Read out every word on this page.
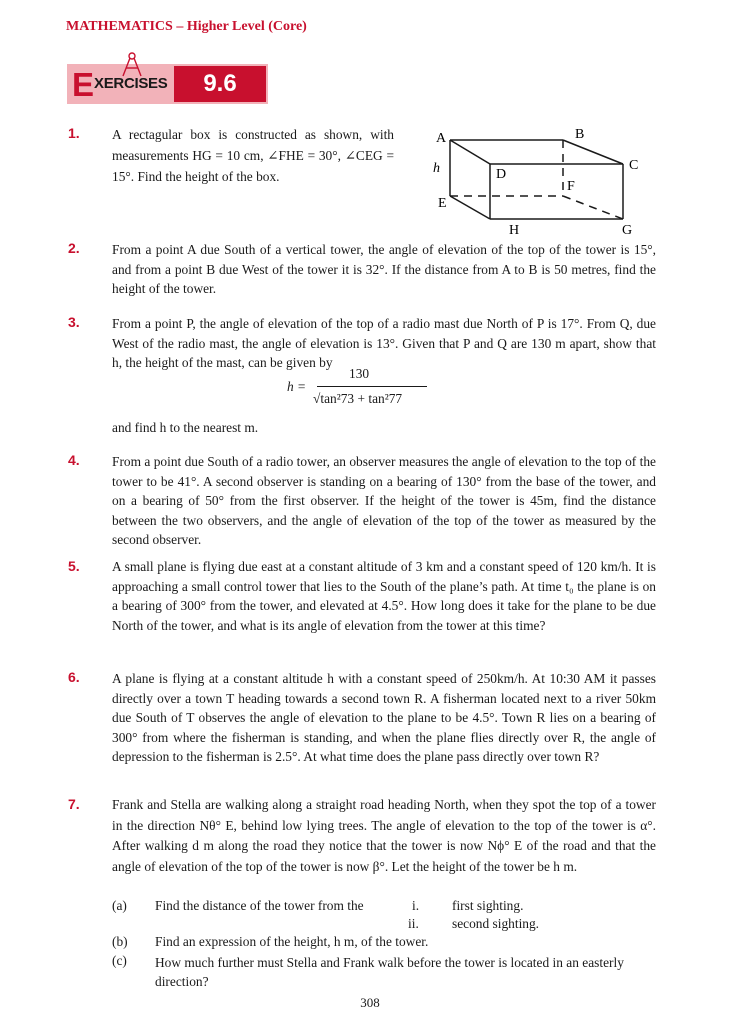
MATHEMATICS – Higher Level (Core)
E XERCISES	9.6
1. A rectagular box is constructed as shown, with measurements HG = 10 cm, ∠FHE = 30°, ∠CEG = 15°. Find the height of the box.

A	B
C
D
E
F
G
H
h
2. From a point A due South of a vertical tower, the angle of elevation of the top of the tower is 15°, and from a point B due West of the tower it is 32°. If the distance from A to B is 50 metres, find the height of the tower.

3. From a point P, the angle of elevation of the top of a radio mast due North of P is 17°. From Q, due West of the radio mast, the angle of elevation is 13°. Given that P and Q are 130 m apart, show that h, the height of the mast, can be given by

h =
130
√tan²73 + tan²77

and find h to the nearest m.

4. From a point due South of a radio tower, an observer measures the angle of elevation to the top of the tower to be 41°. A second observer is standing on a bearing of 130° from the base of the tower, and on a bearing of 50° from the first observer. If the height of the tower is 45m, find the distance between the two observers, and the angle of elevation of the top of the tower as measured by the second observer.

5. A small plane is flying due east at a constant altitude of 3 km and a constant speed of 120 km/h. It is approaching a small control tower that lies to the South of the plane’s path. At time t₀ the plane is on a bearing of 300° from the tower, and elevated at 4.5°. How long does it take for the plane to be due North of the tower, and what is its angle of elevation from the tower at this time?

6. A plane is flying at a constant altitude h with a constant speed of 250km/h. At 10:30 AM it passes directly over a town T heading towards a second town R. A fisherman located next to a river 50km due South of T observes the angle of elevation to the plane to be 4.5°. Town R lies on a bearing of 300° from where the fisherman is standing, and when the plane flies directly over R, the angle of depression to the fisherman is 2.5°. At what time does the plane pass directly over town R?

7. Frank and Stella are walking along a straight road heading North, when they spot the top of a tower in the direction Nθ° E, behind low lying trees. The angle of elevation to the top of the tower is α°. After walking d m along the road they notice that the tower is now Nϕ° E of the road and that the angle of elevation of the top of the tower is now β°. Let the height of the tower be h m.

(a) Find the distance of the tower from the	i. first sighting.
ii. second sighting.
(b) Find an expression of the height, h m, of the tower.
(c) How much further must Stella and Frank walk before the tower is located in an easterly direction?
308
